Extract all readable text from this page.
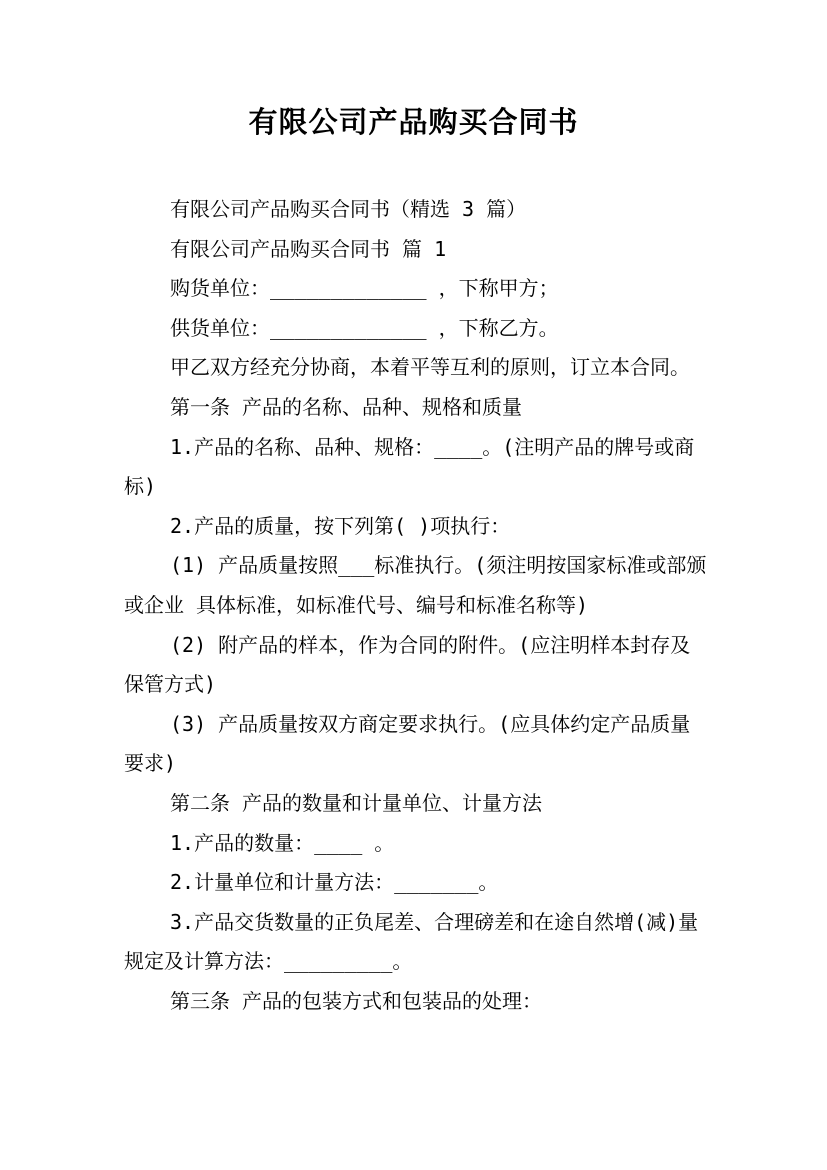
有限公司产品购买合同书

有限公司产品购买合同书（精选 3 篇）

有限公司产品购买合同书 篇 1

购货单位：_____________ ，下称甲方；

供货单位：_____________ ，下称乙方。

甲乙双方经充分协商，本着平等互利的原则，订立本合同。

第一条 产品的名称、品种、规格和质量

1.产品的名称、品种、规格：____。(注明产品的牌号或商标)

2.产品的质量，按下列第( )项执行：

(1) 产品质量按照___标准执行。(须注明按国家标准或部颁或企业 具体标准，如标准代号、编号和标准名称等)

(2) 附产品的样本，作为合同的附件。(应注明样本封存及保管方式)

(3) 产品质量按双方商定要求执行。(应具体约定产品质量要求)

第二条 产品的数量和计量单位、计量方法

1.产品的数量：____ 。

2.计量单位和计量方法：_______。

3.产品交货数量的正负尾差、合理磅差和在途自然增(减)量规定及计算方法：_________。

第三条 产品的包装方式和包装品的处理：
